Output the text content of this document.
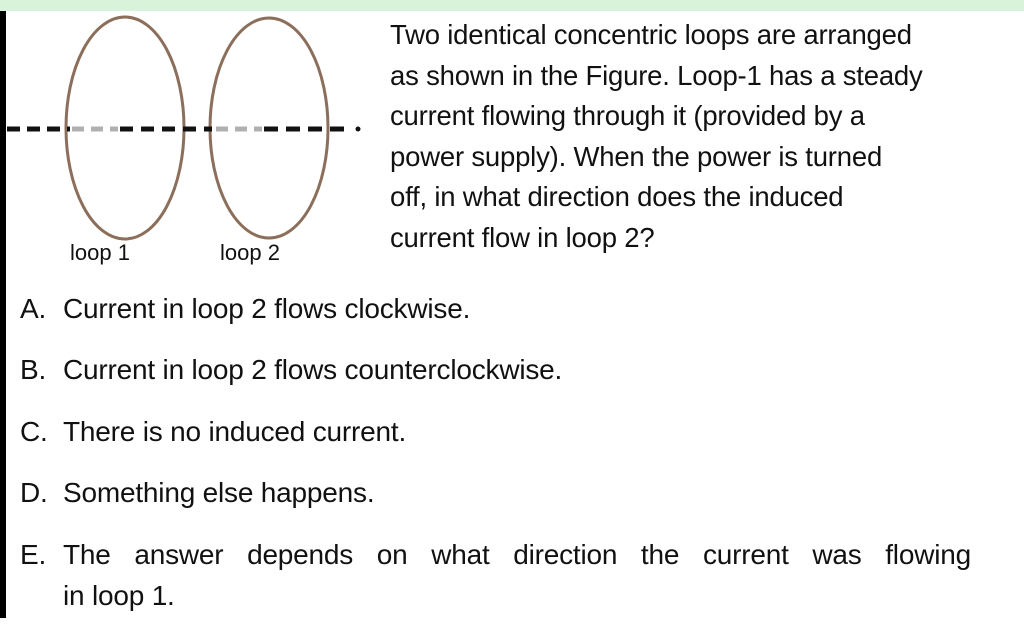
loop 1	loop 2
Two identical concentric loops are arranged
as shown in the Figure. Loop-1 has a steady
current flowing through it (provided by a
power supply). When the power is turned
off, in what direction does the induced
current flow in loop 2?
A. Current in loop 2 flows clockwise.
B. Current in loop 2 flows counterclockwise.
C. There is no induced current.
D. Something else happens.
E. The answer depends on what direction the current was flowing
in loop 1.
